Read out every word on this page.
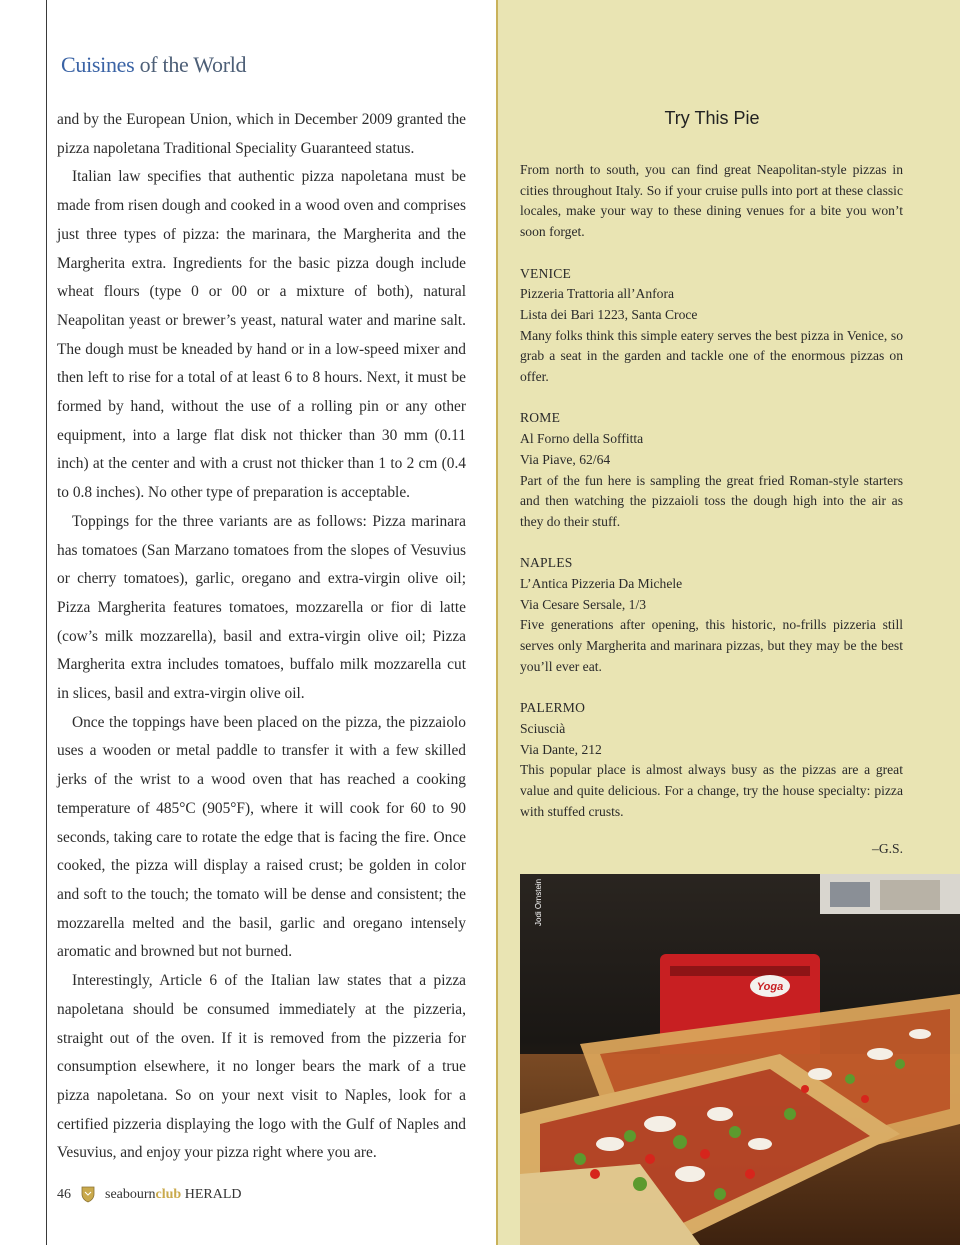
Cuisines of the World

and by the European Union, which in December 2009 granted the pizza napoletana Traditional Speciality Guaranteed status.

Italian law specifies that authentic pizza napoletana must be made from risen dough and cooked in a wood oven and comprises just three types of pizza: the marinara, the Margherita and the Margherita extra. Ingredients for the basic pizza dough include wheat flours (type 0 or 00 or a mixture of both), natural Neapolitan yeast or brewer’s yeast, natural water and marine salt. The dough must be kneaded by hand or in a low-speed mixer and then left to rise for a total of at least 6 to 8 hours. Next, it must be formed by hand, without the use of a rolling pin or any other equipment, into a large flat disk not thicker than 30 mm (0.11 inch) at the center and with a crust not thicker than 1 to 2 cm (0.4 to 0.8 inches). No other type of preparation is acceptable.

Toppings for the three variants are as follows: Pizza marinara has tomatoes (San Marzano tomatoes from the slopes of Vesuvius or cherry tomatoes), garlic, oregano and extra-virgin olive oil; Pizza Margherita features tomatoes, mozzarella or fior di latte (cow’s milk mozzarella), basil and extra-virgin olive oil; Pizza Margherita extra includes tomatoes, buffalo milk mozzarella cut in slices, basil and extra-virgin olive oil.

Once the toppings have been placed on the pizza, the pizzaiolo uses a wooden or metal paddle to transfer it with a few skilled jerks of the wrist to a wood oven that has reached a cooking temperature of 485°C (905°F), where it will cook for 60 to 90 seconds, taking care to rotate the edge that is facing the fire. Once cooked, the pizza will display a raised crust; be golden in color and soft to the touch; the tomato will be dense and consistent; the mozzarella melted and the basil, garlic and oregano intensely aromatic and browned but not burned.

Interestingly, Article 6 of the Italian law states that a pizza napoletana should be consumed immediately at the pizzeria, straight out of the oven. If it is removed from the pizzeria for consumption elsewhere, it no longer bears the mark of a true pizza napoletana. So on your next visit to Naples, look for a certified pizzeria displaying the logo with the Gulf of Naples and Vesuvius, and enjoy your pizza right where you are.

46 seabournclub HERALD
Try This Pie

From north to south, you can find great Neapolitan-style pizzas in cities throughout Italy. So if your cruise pulls into port at these classic locales, make your way to these dining venues for a bite you won’t soon forget.

VENICE

Pizzeria Trattoria all’Anfora

Lista dei Bari 1223, Santa Croce

Many folks think this simple eatery serves the best pizza in Venice, so grab a seat in the garden and tackle one of the enormous pizzas on offer.

ROME

Al Forno della Soffitta

Via Piave, 62/64

Part of the fun here is sampling the great fried Roman-style starters and then watching the pizzaioli toss the dough high into the air as they do their stuff.

NAPLES

L’Antica Pizzeria Da Michele

Via Cesare Sersale, 1/3

Five generations after opening, this historic, no-frills pizzeria still serves only Margherita and marinara pizzas, but they may be the best you’ll ever eat.

PALERMO

Sciuscià

Via Dante, 212

This popular place is almost always busy as the pizzas are a great value and quite delicious. For a change, try the house specialty: pizza with stuffed crusts.

–G.S.
Yoga
Jodi Ornstein
